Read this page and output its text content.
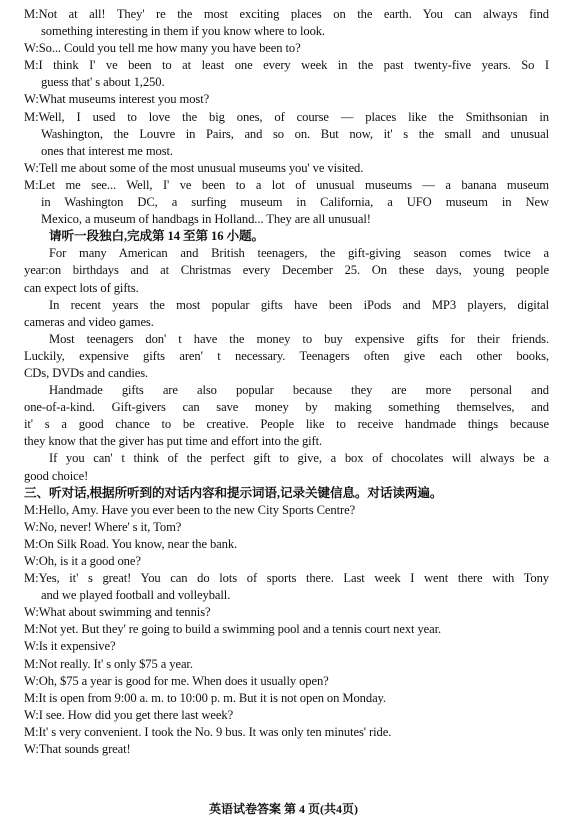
M:Not at all! They' re the most exciting places on the earth. You can always find
something interesting in them if you know where to look.
W:So... Could you tell me how many you have been to?
M:I think I' ve been to at least one every week in the past twenty-five years. So I
guess that' s about 1,250.
W:What museums interest you most?
M:Well, I used to love the big ones, of course — places like the Smithsonian in
Washington, the Louvre in Pairs, and so on. But now, it' s the small and unusual
ones that interest me most.
W:Tell me about some of the most unusual museums you' ve visited.
M:Let me see... Well, I' ve been to a lot of unusual museums — a banana museum
in Washington DC, a surfing museum in California, a UFO museum in New
Mexico, a museum of handbags in Holland... They are all unusual!
请听一段独白,完成第 14 至第 16 小题。
For many American and British teenagers, the gift-giving season comes twice a
year:on birthdays and at Christmas every December 25. On these days, young people
can expect lots of gifts.
In recent years the most popular gifts have been iPods and MP3 players, digital
cameras and video games.
Most teenagers don' t have the money to buy expensive gifts for their friends.
Luckily, expensive gifts aren' t necessary. Teenagers often give each other books,
CDs, DVDs and candies.
Handmade gifts are also popular because they are more personal and
one-of-a-kind. Gift-givers can save money by making something themselves, and
it' s a good chance to be creative. People like to receive handmade things because
they know that the giver has put time and effort into the gift.
If you can' t think of the perfect gift to give, a box of chocolates will always be a
good choice!
三、听对话,根据所听到的对话内容和提示词语,记录关键信息。对话读两遍。
M:Hello, Amy. Have you ever been to the new City Sports Centre?
W:No, never! Where' s it, Tom?
M:On Silk Road. You know, near the bank.
W:Oh, is it a good one?
M:Yes, it' s great! You can do lots of sports there. Last week I went there with Tony
and we played football and volleyball.
W:What about swimming and tennis?
M:Not yet. But they' re going to build a swimming pool and a tennis court next year.
W:Is it expensive?
M:Not really. It' s only $75 a year.
W:Oh, $75 a year is good for me. When does it usually open?
M:It is open from 9:00 a. m. to 10:00 p. m. But it is not open on Monday.
W:I see. How did you get there last week?
M:It' s very convenient. I took the No. 9 bus. It was only ten minutes' ride.
W:That sounds great!
英语试卷答案 第 4 页(共4页)
